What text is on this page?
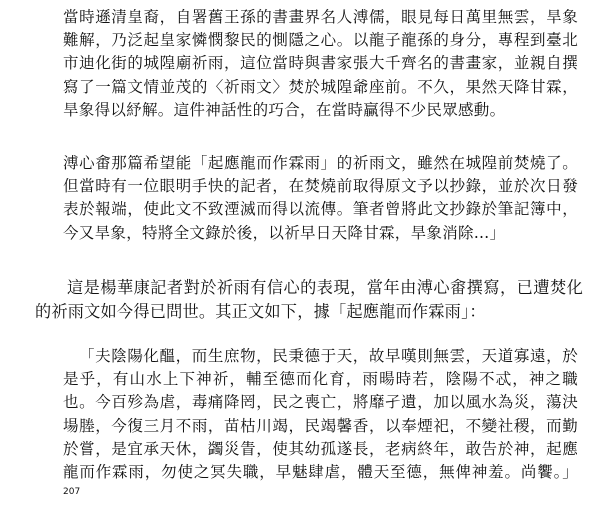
當時遜清皇裔，自署舊王孫的書畫界名人溥儒，眼見每日萬里無雲，旱象難解，乃泛起皇家憐憫黎民的惻隱之心。以龍子龍孫的身分，專程到臺北市迪化街的城隍廟祈雨，這位當時與書家張大千齊名的書畫家，並親自撰寫了一篇文情並茂的〈祈雨文〉焚於城隍爺座前。不久，果然天降甘霖，旱象得以紓解。這件神話性的巧合，在當時贏得不少民眾感動。

溥心畬那篇希望能「起應龍而作霖雨」的祈雨文，雖然在城隍前焚燒了。但當時有一位眼明手快的記者，在焚燒前取得原文予以抄錄，並於次日發表於報端，使此文不致湮滅而得以流傳。筆者曾將此文抄錄於筆記簿中，今又旱象，特將全文錄於後，以祈早日天降甘霖，旱象消除…」

這是楊華康記者對於祈雨有信心的表現，當年由溥心畬撰寫，已遭焚化的祈雨文如今得已問世。其正文如下，據「起應龍而作霖雨」：

「夫陰陽化醞，而生庶物，民秉德于天，故早嘆則無雲，天道寡遠，於是乎，有山水上下神祈，輔至德而化育，雨暘時若，陰陽不忒，神之職也。今百殄為虐，毒痛降罔，民之喪亡，將靡孑遺，加以風水為災，蕩決場塍，今復三月不雨，苗枯川竭，民竭馨香，以奉煙祀，不變社稷，而勤於嘗，是宜承天休，蠲災眚，使其幼孤遂長，老病終年，敢告於神，起應龍而作霖雨，勿使之冥失職，早魅肆虐，體天至德，無俾神羞。尚饗。」$^{207}$
